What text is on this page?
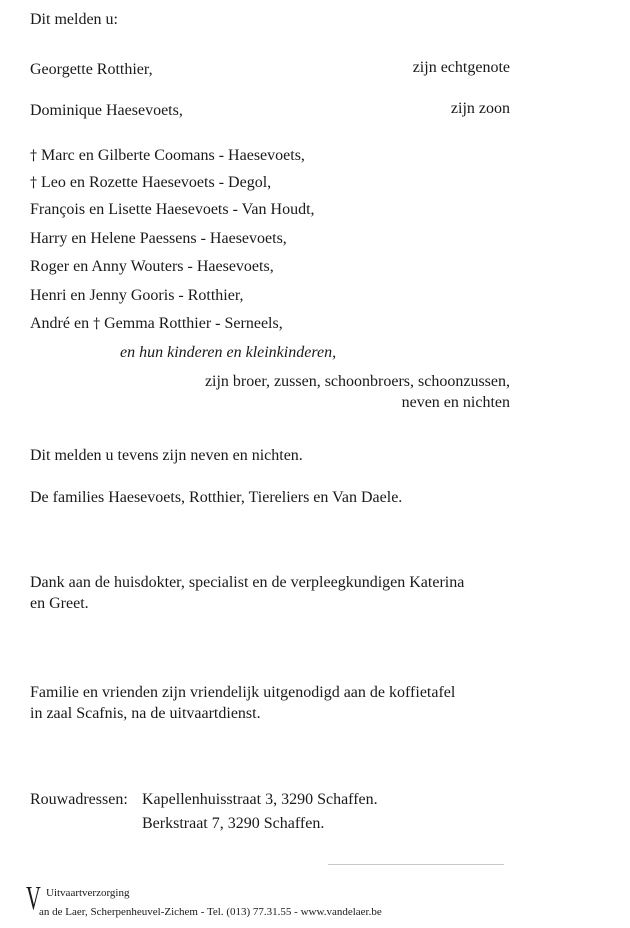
Dit melden u:
Georgette Rotthier,	zijn echtgenote
Dominique Haesevoets,	zijn zoon
† Marc en Gilberte Coomans - Haesevoets,
† Leo en Rozette Haesevoets - Degol,
François en Lisette Haesevoets - Van Houdt,
Harry en Helene Paessens - Haesevoets,
Roger en Anny Wouters - Haesevoets,
Henri en Jenny Gooris - Rotthier,
André en † Gemma Rotthier - Serneels,
en hun kinderen en kleinkinderen,
zijn broer, zussen, schoonbroers, schoonzussen,
neven en nichten
Dit melden u tevens zijn neven en nichten.
De families Haesevoets, Rotthier, Tiereliers en Van Daele.
Dank aan de huisdokter, specialist en de verpleegkundigen Katerina
en Greet.
Familie en vrienden zijn vriendelijk uitgenodigd aan de koffietafel
in zaal Scafnis, na de uitvaartdienst.
Rouwadressen: Kapellenhuisstraat 3, 3290 Schaffen.
Berkstraat 7, 3290 Schaffen.
V Uitvaartverzorging
an de Laer, Scherpenheuvel-Zichem - Tel. (013) 77.31.55 - www.vandelaer.be
